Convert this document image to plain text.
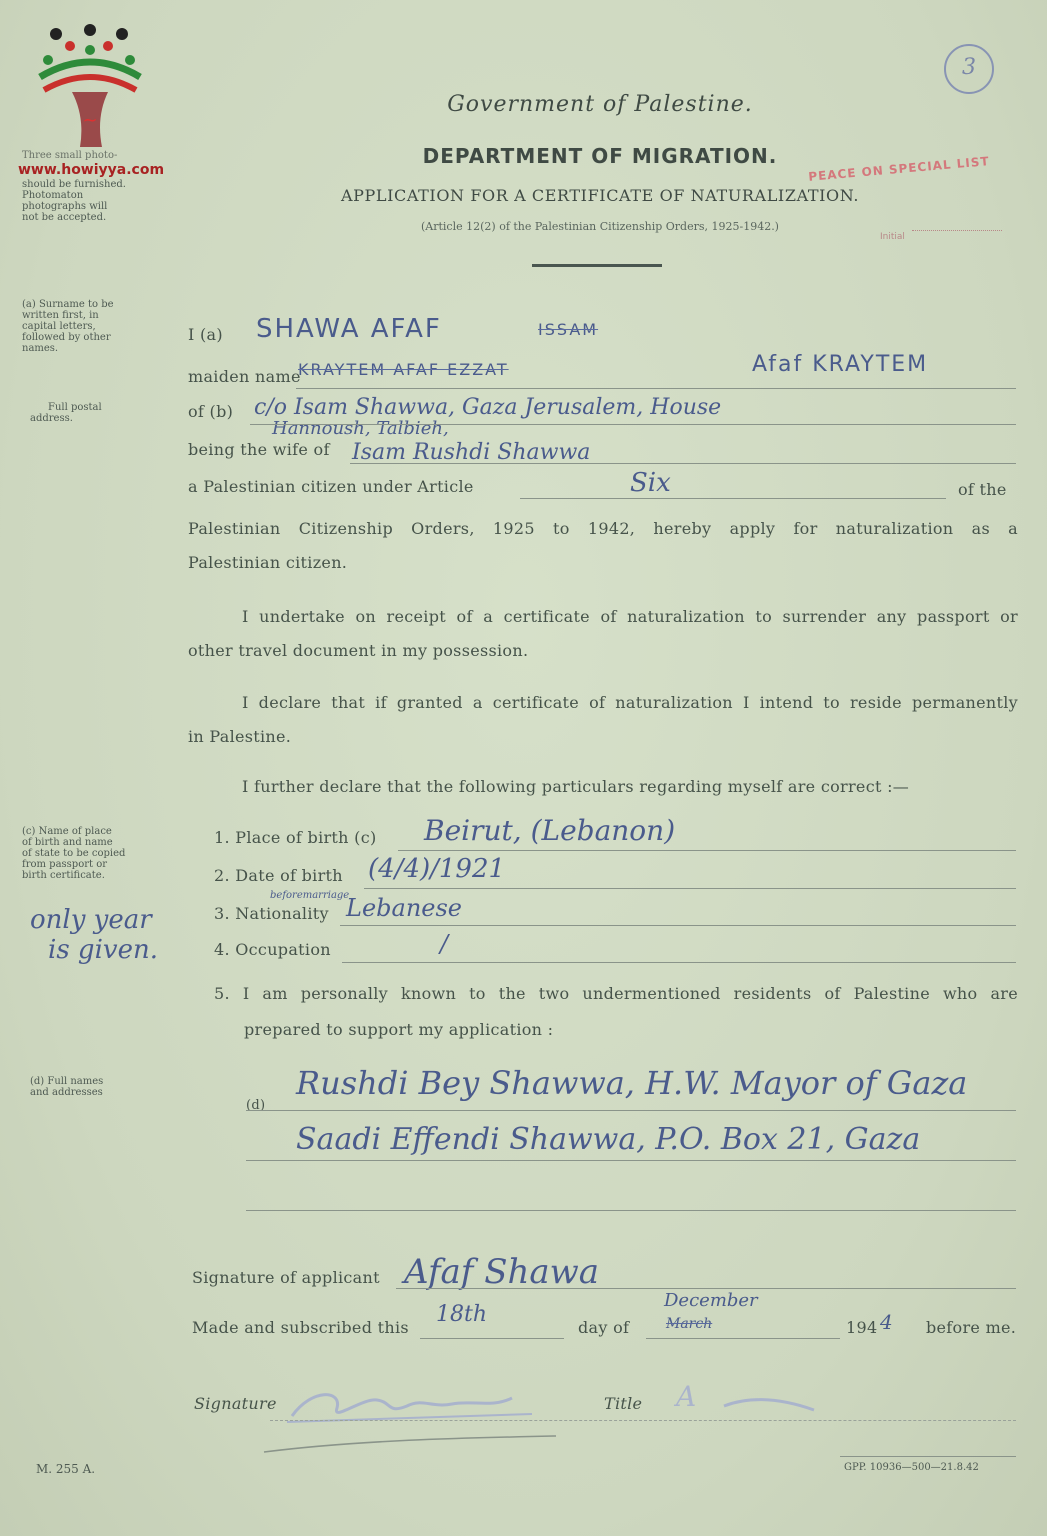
~
www.howiyya.com
Three small photo-
should be furnished.
Photomaton
photographs will
not be accepted.
(a) Surname to be
written first, in
capital letters,
followed by other
names.
Full postal
address.
(c) Name of place
of birth and name
of state to be copied
from passport or
birth certificate.
only year
is given.
(d) Full names
and addresses
3
Government of Palestine.
DEPARTMENT OF MIGRATION.
APPLICATION FOR A CERTIFICATE OF NATURALIZATION.
(Article 12(2) of the Palestinian Citizenship Orders, 1925-1942.)
PEACE ON SPECIAL LIST
Initial
I (a) SHAWA AFAF	ISSAM
maiden name
KRAYTEM AFAF EZZAT	Afaf KRAYTEM
of (b) c/o Isam Shawwa, Gaza Jerusalem, House
Hannoush, Talbieh,
being the wife of Isam Rushdi Shawwa
a Palestinian citizen under Article	Six	of the
Palestinian Citizenship Orders, 1925 to 1942, hereby apply for naturalization as a
Palestinian citizen.
I undertake on receipt of a certificate of naturalization to surrender any passport or
other travel document in my possession.
I declare that if granted a certificate of naturalization I intend to reside permanently
in Palestine.
I further declare that the following particulars regarding myself are correct :—
1. Place of birth (c) Beirut, (Lebanon)
2. Date of birth (4/4)/1921
3. Nationality
beforemarriage
Lebanese
4. Occupation	/
5. I am personally known to the two undermentioned residents of Palestine who are
prepared to support my application :
(d)
Rushdi Bey Shawwa, H.W. Mayor of Gaza
Saadi Effendi Shawwa, P.O. Box 21, Gaza
Signature of applicant Afaf Shawa
Made and subscribed this
18th
day of	March
December
194 4 before me.
Signature	Title A
M. 255 A.	GPP. 10936—500—21.8.42
